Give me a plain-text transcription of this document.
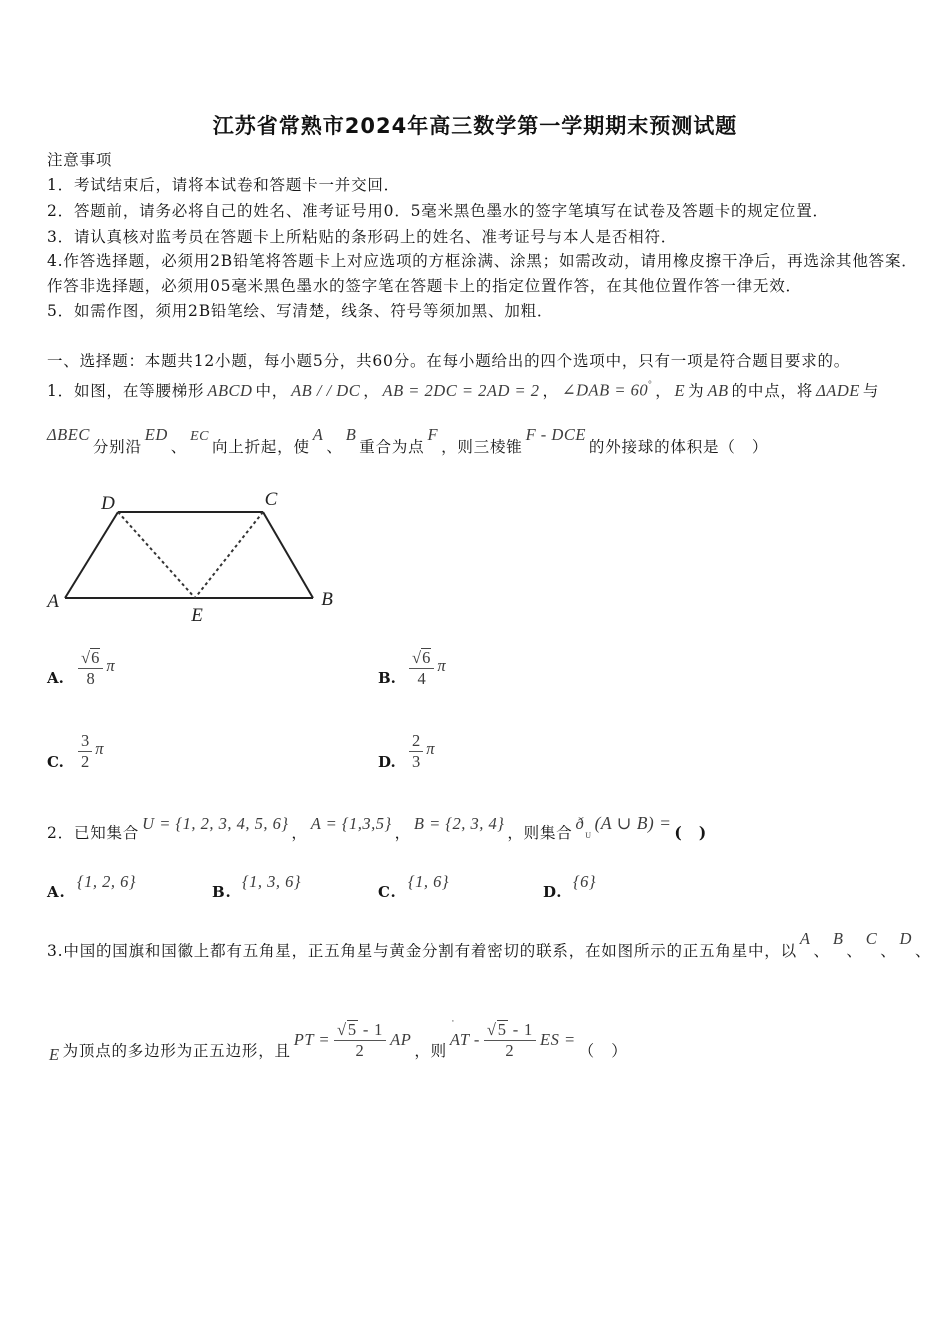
江苏省常熟市2024年高三数学第一学期期末预测试题
注意事项
1．考试结束后，请将本试卷和答题卡一并交回．
2．答题前，请务必将自己的姓名、准考证号用0．5毫米黑色墨水的签字笔填写在试卷及答题卡的规定位置．
3．请认真核对监考员在答题卡上所粘贴的条形码上的姓名、准考证号与本人是否相符．
4.作答选择题，必须用2B铅笔将答题卡上对应选项的方框涂满、涂黑；如需改动，请用橡皮擦干净后，再选涂其他答案．
作答非选择题，必须用05毫米黑色墨水的签字笔在答题卡上的指定位置作答，在其他位置作答一律无效．
5．如需作图，须用2B铅笔绘、写清楚，线条、符号等须加黑、加粗．
一、选择题：本题共12小题，每小题5分，共60分。在每小题给出的四个选项中，只有一项是符合题目要求的。
1．如图，在等腰梯形 ABCD 中， AB / / DC ， AB = 2DC = 2AD = 2 ， ∠DAB = 60° ， E 为 AB 的中点，将 ΔADE 与
ΔBEC
分别沿
ED
、
EC
向上折起，使
A
、
B
重合为点
F
，则三棱锥
F - DCE
的外接球的体积是（　）
D	C
A	B
E
A. $\frac{√ 6}{8}$ π
B. $\frac{√ 6}{4}$ π
C. $\frac{3}{2}$ π
D. $\frac{2}{3}$ π
2．已知集合 U = {1, 2, 3, 4, 5, 6} ， A = {1,3,5} ， B = {2, 3, 4} ，则集合 $ð_U$
(A ∪ B) = (　)
A.
{1, 2, 6}
B.
{1, 3, 6}
C.
{1, 6}
D.
{6}
3.中国的国旗和国徽上都有五角星，正五角星与黄金分割有着密切的联系，在如图所示的正五角星中，以
A
、
B
、
C
、
D
、
E 为顶点的多边形为正五边形，且
PT = $\frac{√ 5 - 1}{2}$ AP
，则
˙
AT - $\frac{√ 5 - 1}{2}$ ES =
（　）
